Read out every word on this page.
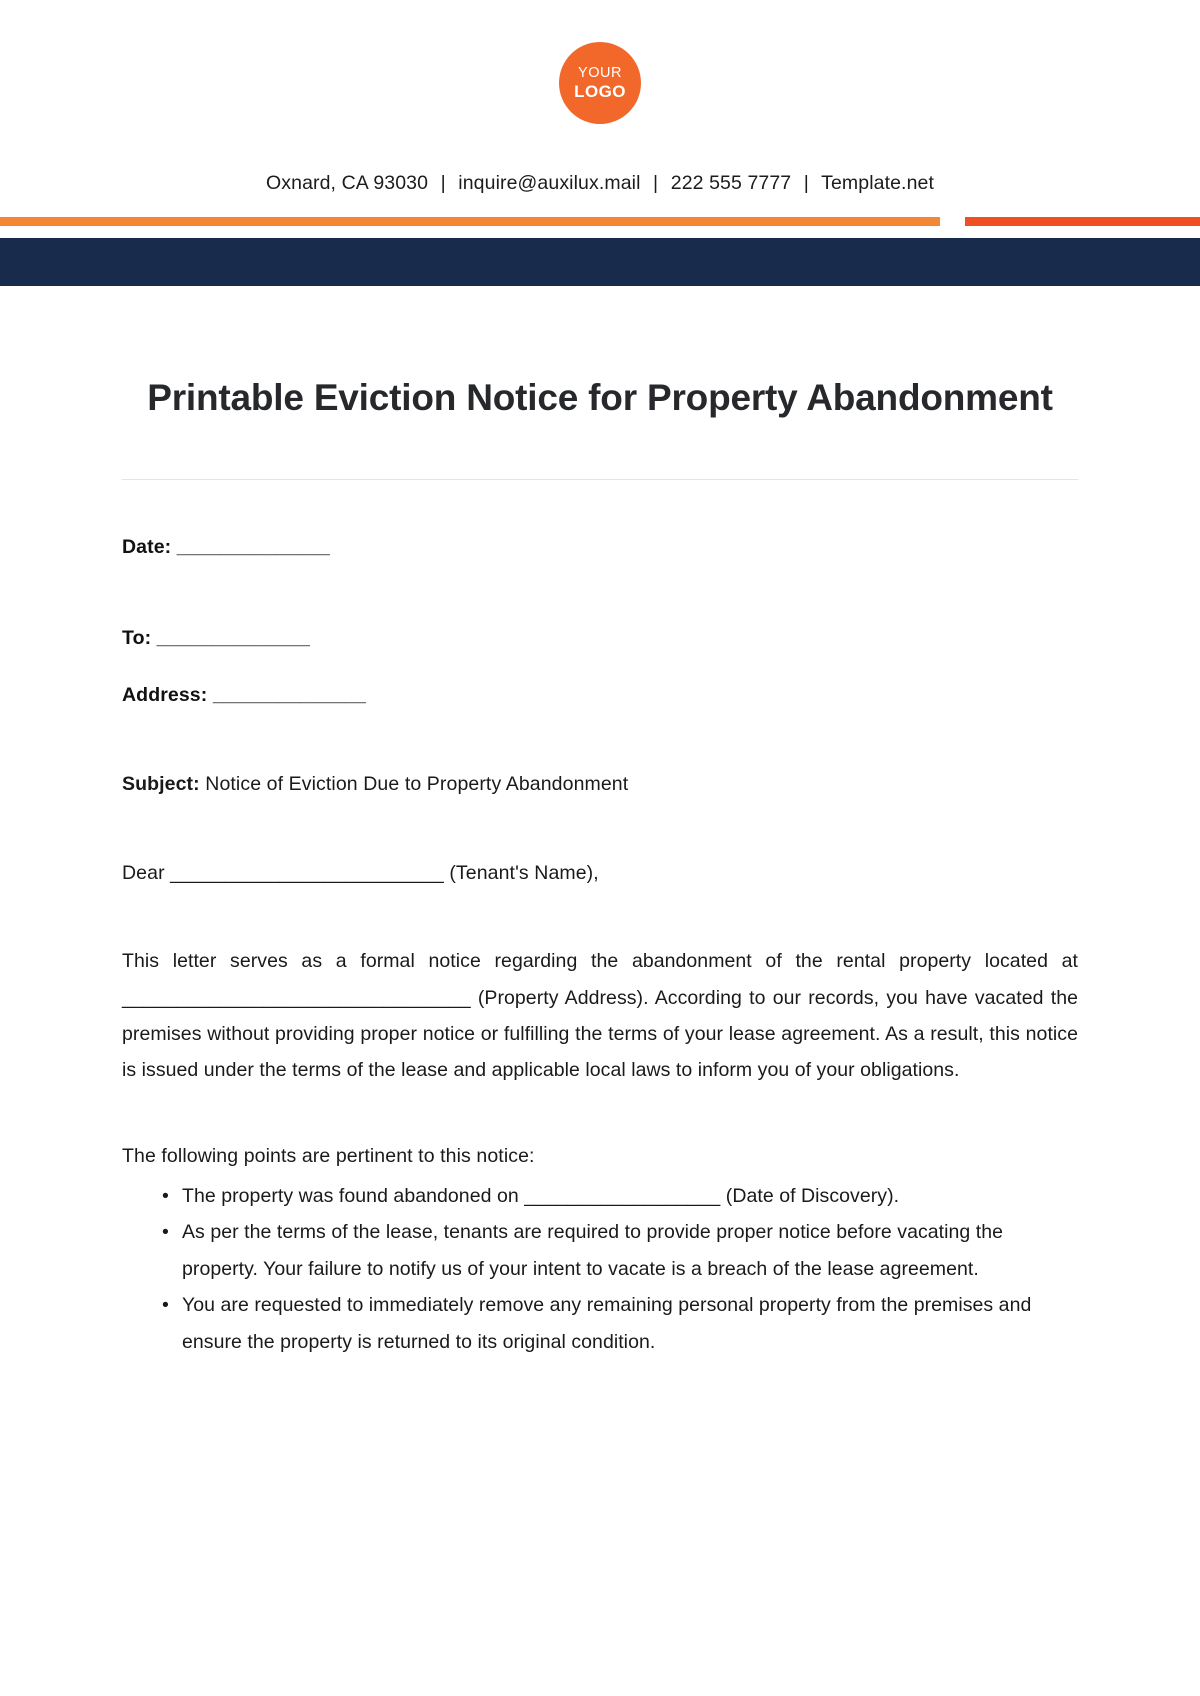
YOUR
LOGO
Oxnard, CA 93030 | inquire@auxilux.mail | 222 555 7777 | Template.net
Printable Eviction Notice for Property Abandonment
Date: ______________
To: ______________
Address: ______________
Subject: Notice of Eviction Due to Property Abandonment
Dear _________________________ (Tenant's Name),

This letter serves as a formal notice regarding the abandonment of the rental property located at ________________________________ (Property Address). According to our records, you have vacated the premises without providing proper notice or fulfilling the terms of your lease agreement. As a result, this notice is issued under the terms of the lease and applicable local laws to inform you of your obligations.

The following points are pertinent to this notice:
• The property was found abandoned on __________________ (Date of Discovery).
• As per the terms of the lease, tenants are required to provide proper notice before vacating the property. Your failure to notify us of your intent to vacate is a breach of the lease agreement.
• You are requested to immediately remove any remaining personal property from the premises and ensure the property is returned to its original condition.
